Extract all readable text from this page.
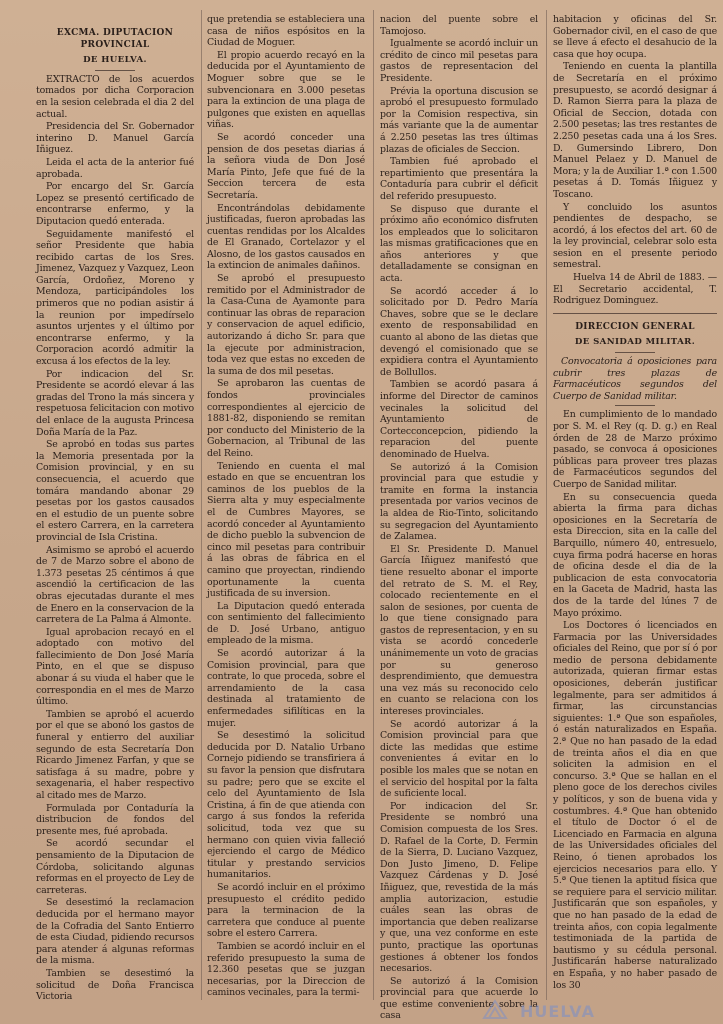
EXCMA. DIPUTACION PROVINCIAL
DE HUELVA.

EXTRACTO de los acuerdos tomados por dicha Corporacion en la sesion celebrada el dia 2 del actual.

Presidencia del Sr. Gobernador interino D. Manuel García Iñiguez.

Leida el acta de la anterior fué aprobada.

Por encargo del Sr. García Lopez se presentó certificado de encontrarse enfermo, y la Diputacion quedó enterada.

Seguidamente manifestó el señor Presidente que habia recibido cartas de los Sres. Jimenez, Vazquez y Vazquez, Leon García, Ordoñez, Moreno y Mendoza, participándoles los primeros que no podian asistir á la reunion por impedírselo asuntos urjentes y el último por encontrarse enfermo, y la Corporacion acordó admitir la excusa á los efectos de la ley.

Por indicacion del Sr. Presidente se acordó elevar á las gradas del Trono la más sincera y respetuosa felicitacion con motivo del enlace de la augusta Princesa Doña María de la Paz.

Se aprobó en todas sus partes la Memoria presentada por la Comision provincial, y en su consecuencia, el acuerdo que tomára mandando abonar 29 pesetas por los gastos causados en el estudio de un puente sobre el estero Carrera, en la carretera provincial de Isla Cristina.

Asimismo se aprobó el acuerdo de 7 de Marzo sobre el abono de 1.373 pesetas 25 céntimos á que ascendió la certificacion de las obras ejecutadas durante el mes de Enero en la conservacion de la carretera de La Palma á Almonte.

Igual aprobacion recayó en el adoptado con motivo del fallecimiento de Don José María Pinto, en el que se dispuso abonar á su viuda el haber que le correspondia en el mes de Marzo último.

Tambien se aprobó el acuerdo por el que se abonó los gastos de funeral y entierro del auxiliar segundo de esta Secretaría Don Ricardo Jimenez Farfan, y que se satisfaga á su madre, pobre y sexagenaria, el haber respectivo al citado mes de Marzo.

Formulada por Contaduría la distribucion de fondos del presente mes, fué aprobada.

Se acordó secundar el pensamiento de la Diputacion de Córdoba, solicitando algunas reformas en el proyecto de Ley de carreteras.

Se desestimó la reclamacion deducida por el hermano mayor de la Cofradia del Santo Entierro de esta Ciudad, pidiendo recursos para atender á algunas reformas de la misma.

Tambien se desestimó la solicitud de Doña Francisca Victoria

que pretendia se estableciera una casa de niños espósitos en la Ciudad de Moguer.

El propio acuerdo recayó en la deducida por el Ayuntamiento de Moguer sobre que se le subvencionara en 3.000 pesetas para la extincion de una plaga de pulgones que existen en aquellas viñas.

Se acordó conceder una pension de dos pesetas diarias á la señora viuda de Don José María Pinto, Jefe que fué de la Seccion tercera de esta Secretaría.

Encontrándolas debidamente justificadas, fueron aprobadas las cuentas rendidas por los Alcaldes de El Granado, Cortelazor y el Alosno, de los gastos causados en la extincion de animales dañinos.

Se aprobó el presupuesto remitido por el Administrador de la Casa-Cuna de Ayamonte para continuar las obras de reparacion y conservacion de aquel edificio, autorizando á dicho Sr. para que la ejecute por administracion, toda vez que estas no exceden de la suma de dos mil pesetas.

Se aprobaron las cuentas de fondos provinciales correspondientes al ejercicio de 1881-82, disponiendo se remitan por conducto del Ministerio de la Gobernacion, al Tribunal de las del Reino.

Teniendo en cuenta el mal estado en que se encuentran los caminos de los pueblos de la Sierra alta y muy especialmente el de Cumbres Mayores, se acordó conceder al Ayuntamiento de dicho pueblo la subvencion de cinco mil pesetas para contribuir á las obras de fábrica en el camino que proyectan, rindiendo oportunamente la cuenta justificada de su inversion.

La Diputacion quedó enterada con sentimiento del fallecimiento de D. José Urbano, antiguo empleado de la misma.

Se acordó autorizar á la Comision provincial, para que contrate, lo que proceda, sobre el arrendamiento de la casa destinada al tratamiento de enfermedades sifilíticas en la mujer.

Se desestimó la solicitud deducida por D. Natalio Urbano Cornejo pidiendo se transfiriera á su favor la pension que disfrutara su padre; pero que se excite el celo del Ayuntamiento de Isla Cristina, á fin de que atienda con cargo á sus fondos la referida solicitud, toda vez que su hermano con quien vivia falleció ejerciendo el cargo de Médico titular y prestando servicios humanitarios.

Se acordó incluir en el próximo presupuesto el crédito pedido para la terminacion de la carretera que conduce al puente sobre el estero Carrera.

Tambien se acordó incluir en el referido presupuesto la suma de 12.360 pesetas que se juzgan necesarias, por la Direccion de caminos vecinales, para la termi-

nacion del puente sobre el Tamojoso.

Igualmente se acordó incluir un crédito de cinco mil pesetas para gastos de representacion del Presidente.

Prévia la oportuna discusion se aprobó el presupuesto formulado por la Comision respectiva, sin más variante que la de aumentar á 2.250 pesetas las tres últimas plazas de oficiales de Seccion.

Tambien fué aprobado el repartimiento que presentára la Contaduría para cubrir el déficit del referido presupuesto.

Se dispuso que durante el próximo año económico disfruten los empleados que lo solicitaron las mismas gratificaciones que en años anteriores y que detalladamente se consignan en acta.

Se acordó acceder á lo solicitado por D. Pedro María Chaves, sobre que se le declare exento de responsabilidad en cuanto al abono de las dietas que devengó el comisionado que se expidiera contra el Ayuntamiento de Bollullos.

Tambien se acordó pasara á informe del Director de caminos vecinales la solicitud del Ayuntamiento de Cortecconcepcion, pidiendo la reparacion del puente denominado de Huelva.

Se autorizó á la Comision provincial para que estudie y tramite en forma la instancia presentada por varios vecinos de la aldea de Rio-Tinto, solicitando su segregacion del Ayuntamiento de Zalamea.

El Sr. Presidente D. Manuel García Iñiguez manifestó que tiene resuelto abonar el importe del retrato de S. M. el Rey, colocado recientemente en el salon de sesiones, por cuenta de lo que tiene consignado para gastos de representacion, y en su vista se acordó concederle unánimemente un voto de gracias por su generoso desprendimiento, que demuestra una vez más su reconocido celo en cuanto se relaciona con los intereses provinciales.

Se acordó autorizar á la Comision provincial para que dicte las medidas que estime convenientes á evitar en lo posible los males que se notan en el servicio del hospital por la falta de suficiente local.

Por indicacion del Sr. Presidente se nombró una Comision compuesta de los Sres. D. Rafael de la Corte, D. Fermin de la Sierra, D. Luciano Vazquez, Don Justo Jimeno, D. Felipe Vazquez Cárdenas y D. José Iñiguez, que, revestida de la más amplia autorizacion, estudie cuáles sean las obras de importancia que deben realizarse y que, una vez conforme en este punto, practique las oportunas gestiones á obtener los fondos necesarios.

Se autorizó á la Comision provincial para que acuerde lo que estime conveniente sobre la casa

habitacion y oficinas del Sr. Gobernador civil, en el caso de que se lleve á efecto el desahucio de la casa que hoy ocupa.

Teniendo en cuenta la plantilla de Secretaría en el próximo presupuesto, se acordó designar á D. Ramon Sierra para la plaza de Oficial de Seccion, dotada con 2.500 pesetas; las tres restantes de 2.250 pesetas cada una á los Sres. D. Gumersindo Librero, Don Manuel Pelaez y D. Manuel de Mora; y la de Auxiliar 1.ª con 1.500 pesetas á D. Tomás Iñiguez y Toscano.

Y concluido los asuntos pendientes de despacho, se acordó, á los efectos del art. 60 de la ley provincial, celebrar solo esta sesion en el presente periodo semestral.

Huelva 14 de Abril de 1883. —El Secretario accidental, T. Rodriguez Dominguez.

DIRECCION GENERAL
DE SANIDAD MILITAR.

Convocatoria á oposiciones para cubrir tres plazas de Farmacéuticos segundos del Cuerpo de Sanidad militar.

En cumplimiento de lo mandado por S. M. el Rey (q. D. g.) en Real órden de 28 de Marzo próximo pasado, se convoca á oposiciones públicas para proveer tres plazas de Farmacéuticos segundos del Cuerpo de Sanidad militar.

En su consecuencia queda abierta la firma para dichas oposiciones en la Secretaría de esta Direccion, sita en la calle del Barquillo, número 40, entresuelo, cuya firma podrá hacerse en horas de oficina desde el dia de la publicacion de esta convocatoria en la Gaceta de Madrid, hasta las dos de la tarde del lúnes 7 de Mayo próximo.

Los Doctores ó licenciados en Farmacia por las Universidades oficiales del Reino, que por sí ó por medio de persona debidamente autorizada, quieran firmar estas oposiciones, deberán justificar legalmente, para ser admitidos á firmar, las circunstancias siguientes: 1.ª Que son españoles, ó están naturalizados en España. 2.ª Que no han pasado de la edad de treinta años el dia en que soliciten la admision en el concurso. 3.ª Que se hallan en el pleno goce de los derechos civiles y políticos, y son de buena vida y costumbres. 4.ª Que han obtenido el título de Doctor ó el de Licenciado en Farmacia en alguna de las Universidades oficiales del Reino, ó tienen aprobados los ejercicios necesarios para ello. Y 5.ª Que tienen la aptitud física que se requiere para el servicio militar. Justificarán que son españoles, y que no han pasado de la edad de treinta años, con copia legalmente testimoniada de la partida de bautismo y su cédula personal. Justificarán haberse naturalizado en España, y no haber pasado de los 30

HUELVA
